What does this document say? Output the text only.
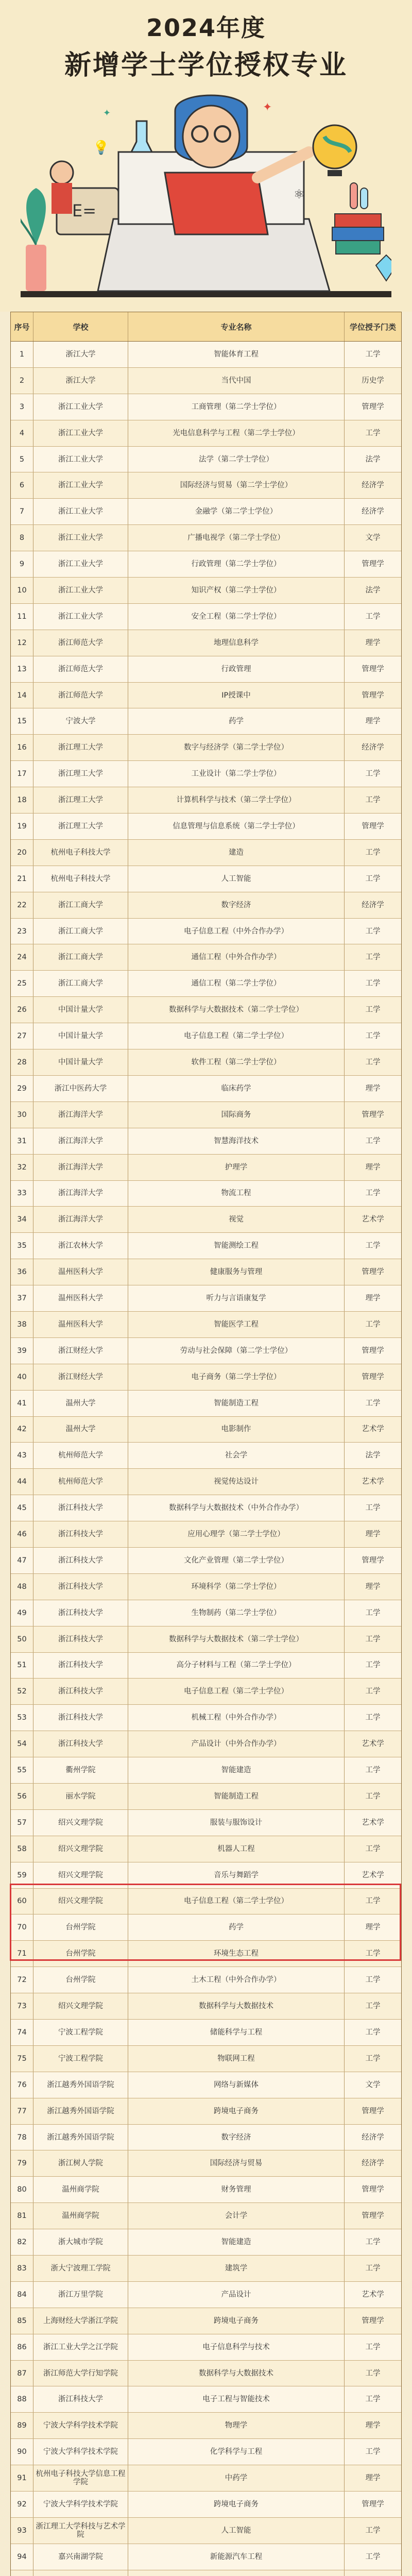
2024年度
新增学士学位授权专业
E=
✦
✦
⚛
💡
序号	学校	专业名称	学位授予门类
1	浙江大学	智能体育工程	工学
2	浙江大学	当代中国	历史学
3	浙江工业大学	工商管理（第二学士学位）	管理学
4	浙江工业大学	光电信息科学与工程（第二学士学位）	工学
5	浙江工业大学	法学（第二学士学位）	法学
6	浙江工业大学	国际经济与贸易（第二学士学位）	经济学
7	浙江工业大学	金融学（第二学士学位）	经济学
8	浙江工业大学	广播电视学（第二学士学位）	文学
9	浙江工业大学	行政管理（第二学士学位）	管理学
10	浙江工业大学	知识产权（第二学士学位）	法学
11	浙江工业大学	安全工程（第二学士学位）	工学
12	浙江师范大学	地理信息科学	理学
13	浙江师范大学	行政管理	管理学
14	浙江师范大学	IP授课中	管理学
15	宁波大学	药学	理学
16	浙江理工大学	数字与经济学（第二学士学位）	经济学
17	浙江理工大学	工业设计（第二学士学位）	工学
18	浙江理工大学	计算机科学与技术（第二学士学位）	工学
19	浙江理工大学	信息管理与信息系统（第二学士学位）	管理学
20	杭州电子科技大学	建造	工学
21	杭州电子科技大学	人工智能	工学
22	浙江工商大学	数字经济	经济学
23	浙江工商大学	电子信息工程（中外合作办学）	工学
24	浙江工商大学	通信工程（中外合作办学）	工学
25	浙江工商大学	通信工程（第二学士学位）	工学
26	中国计量大学	数据科学与大数据技术（第二学士学位）	工学
27	中国计量大学	电子信息工程（第二学士学位）	工学
28	中国计量大学	软件工程（第二学士学位）	工学
29	浙江中医药大学	临床药学	理学
30	浙江海洋大学	国际商务	管理学
31	浙江海洋大学	智慧海洋技术	工学
32	浙江海洋大学	护理学	理学
33	浙江海洋大学	物流工程	工学
34	浙江海洋大学	视觉	艺术学
35	浙江农林大学	智能测绘工程	工学
36	温州医科大学	健康服务与管理	管理学
37	温州医科大学	听力与言语康复学	理学
38	温州医科大学	智能医学工程	工学
39	浙江财经大学	劳动与社会保障（第二学士学位）	管理学
40	浙江财经大学	电子商务（第二学士学位）	管理学
41	温州大学	智能制造工程	工学
42	温州大学	电影制作	艺术学
43	杭州师范大学	社会学	法学
44	杭州师范大学	视觉传达设计	艺术学
45	浙江科技大学	数据科学与大数据技术（中外合作办学）	工学
46	浙江科技大学	应用心理学（第二学士学位）	理学
47	浙江科技大学	文化产业管理（第二学士学位）	管理学
48	浙江科技大学	环境科学（第二学士学位）	理学
49	浙江科技大学	生物制药（第二学士学位）	工学
50	浙江科技大学	数据科学与大数据技术（第二学士学位）	工学
51	浙江科技大学	高分子材料与工程（第二学士学位）	工学
52	浙江科技大学	电子信息工程（第二学士学位）	工学
53	浙江科技大学	机械工程（中外合作办学）	工学
54	浙江科技大学	产品设计（中外合作办学）	艺术学
55	衢州学院	智能建造	工学
56	丽水学院	智能制造工程	工学
57	绍兴文理学院	服装与服饰设计	艺术学
58	绍兴文理学院	机器人工程	工学
59	绍兴文理学院	音乐与舞蹈学	艺术学
60	绍兴文理学院	电子信息工程（第二学士学位）	工学
70	台州学院	药学	理学
71	台州学院	环境生态工程	工学
72	台州学院	土木工程（中外合作办学）	工学
73	绍兴文理学院	数据科学与大数据技术	工学
74	宁波工程学院	储能科学与工程	工学
75	宁波工程学院	物联网工程	工学
76	浙江越秀外国语学院	网络与新媒体	文学
77	浙江越秀外国语学院	跨境电子商务	管理学
78	浙江越秀外国语学院	数字经济	经济学
79	浙江树人学院	国际经济与贸易	经济学
80	温州商学院	财务管理	管理学
81	温州商学院	会计学	管理学
82	浙大城市学院	智能建造	工学
83	浙大宁波理工学院	建筑学	工学
84	浙江万里学院	产品设计	艺术学
85	上海财经大学浙江学院	跨境电子商务	管理学
86	浙江工业大学之江学院	电子信息科学与技术	工学
87	浙江师范大学行知学院	数据科学与大数据技术	工学
88	浙江科技大学	电子工程与智能技术	工学
89	宁波大学科学技术学院	物理学	理学
90	宁波大学科学技术学院	化学科学与工程	工学
91	杭州电子科技大学信息工程学院	中药学	理学
92	宁波大学科学技术学院	跨境电子商务	管理学
93	浙江理工大学科技与艺术学院	人工智能	工学
94	嘉兴南湖学院	新能源汽车工程	工学
